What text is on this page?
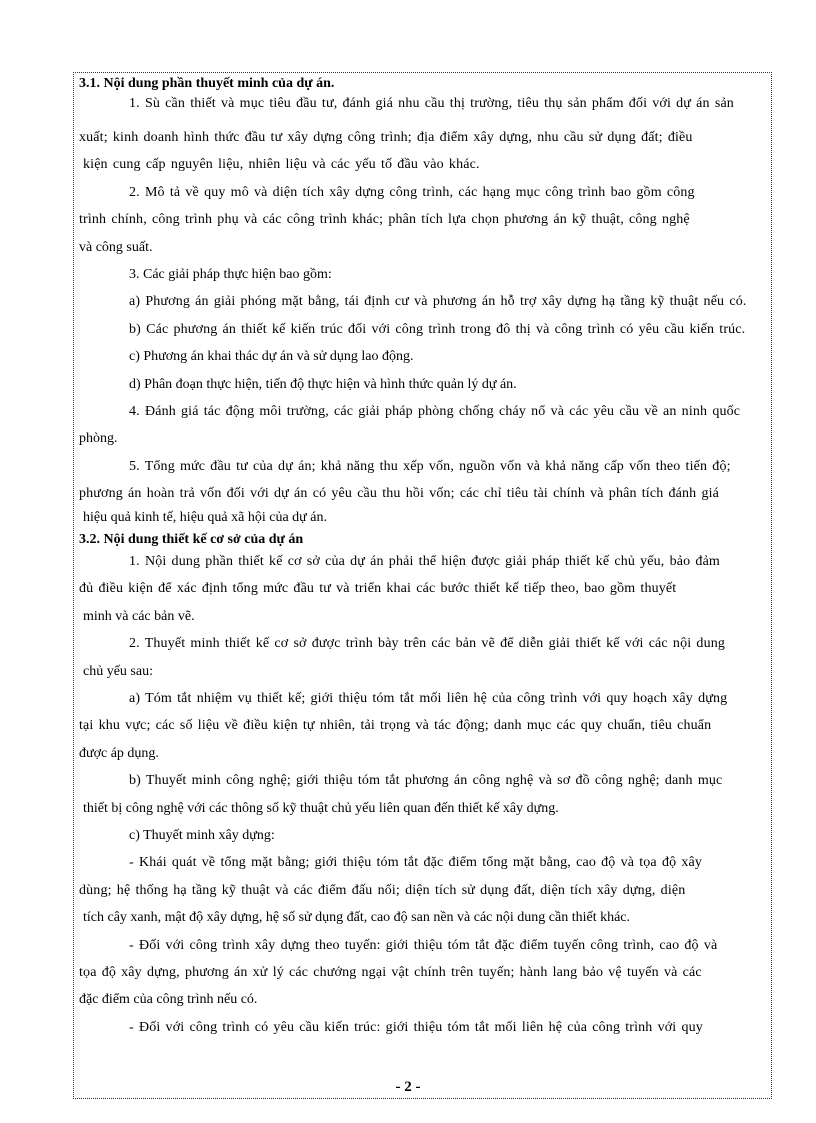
3.1. Nội dung phần thuyết minh của dự án.
1. Sù cần thiết và mục tiêu đầu tư, đánh giá nhu cầu thị trường, tiêu thụ sản phẩm đối với dự án sản
xuất; kinh doanh hình thức đầu tư xây dựng công trình; địa điểm xây dựng, nhu cầu sử dụng đất; điều
kiện cung cấp nguyên liệu, nhiên liệu và các yếu tố đầu vào khác.
2. Mô tả về quy mô và diện tích xây dựng công trình, các hạng mục công trình bao gồm công
trình chính, công trình phụ và các công trình khác; phân tích lựa chọn phương án kỹ thuật, công nghệ
và công suất.
3. Các giải pháp thực hiện bao gồm:
a) Phương án giải phóng mặt bằng, tái định cư và phương án hỗ trợ xây dựng hạ tầng kỹ thuật nếu có.
b) Các phương án thiết kế kiến trúc đối với công trình trong đô thị và công trình có yêu cầu kiến trúc.
c) Phương án khai thác dự án và sử dụng lao động.
d) Phân đoạn thực hiện, tiến độ thực hiện và hình thức quản lý dự án.
4. Đánh giá tác động môi trường, các giải pháp phòng chống cháy nổ và các yêu cầu về an ninh quốc
phòng.
5. Tổng mức đầu tư của dự án; khả năng thu xếp vốn, nguồn vốn và khả năng cấp vốn theo tiến độ;
phương án hoàn trả vốn đối với dự án có yêu cầu thu hồi vốn; các chỉ tiêu tài chính và phân tích đánh giá
hiệu quả kinh tế, hiệu quả xã hội của dự án.
3.2. Nội dung thiết kế cơ sở của dự án
1. Nội dung phần thiết kế cơ sở của dự án phải thể hiện được giải pháp thiết kế chủ yếu, bảo đảm
đủ điều kiện để xác định tổng mức đầu tư và triển khai các bước thiết kế tiếp theo, bao gồm thuyết
minh và các bản vẽ.
2. Thuyết minh thiết kế cơ sở được trình bày trên các bản vẽ để diễn giải thiết kế với các nội dung
chủ yếu sau:
a) Tóm tắt nhiệm vụ thiết kế; giới thiệu tóm tắt mối liên hệ của công trình với quy hoạch xây dựng
tại khu vực; các số liệu về điều kiện tự nhiên, tải trọng và tác động; danh mục các quy chuẩn, tiêu chuẩn
được áp dụng.
b) Thuyết minh công nghệ; giới thiệu tóm tắt phương án công nghệ và sơ đồ công nghệ; danh mục
thiết bị công nghệ với các thông số kỹ thuật chủ yếu liên quan đến thiết kế xây dựng.
c) Thuyết minh xây dựng:
- Khái quát về tổng mặt bằng; giới thiệu tóm tắt đặc điểm tổng mặt bằng, cao độ và tọa độ xây
dùng; hệ thống hạ tầng kỹ thuật và các điểm đấu nối; diện tích sử dụng đất, diện tích xây dựng, diện
tích cây xanh, mật độ xây dựng, hệ số sử dụng đất, cao độ san nền và các nội dung cần thiết khác.
- Đối với công trình xây dựng theo tuyến: giới thiệu tóm tắt đặc điểm tuyến công trình, cao độ và
tọa độ xây dựng, phương án xử lý các chướng ngại vật chính trên tuyến; hành lang bảo vệ tuyến và các
đặc điểm của công trình nếu có.
- Đối với công trình có yêu cầu kiến trúc: giới thiệu tóm tắt mối liên hệ của công trình với quy
- 2 -
